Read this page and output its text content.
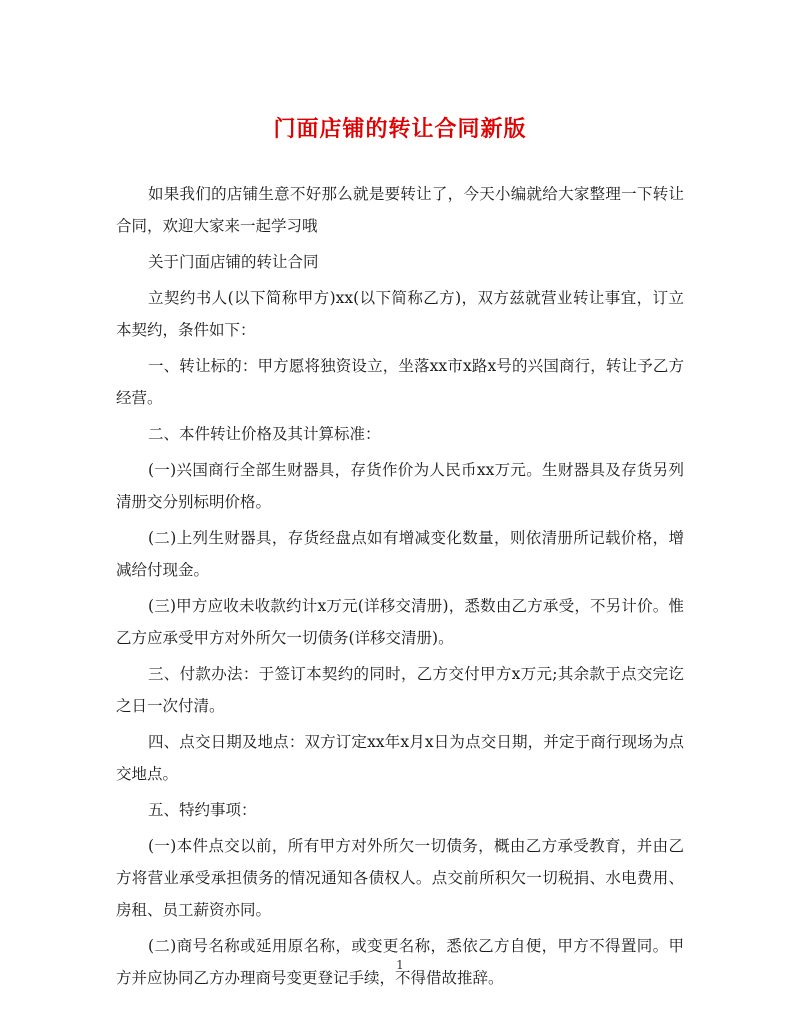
门面店铺的转让合同新版

如果我们的店铺生意不好那么就是要转让了，今天小编就给大家整理一下转让合同，欢迎大家来一起学习哦

关于门面店铺的转让合同

立契约书人(以下简称甲方)xx(以下简称乙方)，双方兹就营业转让事宜，订立本契约，条件如下：

一、转让标的：甲方愿将独资设立，坐落xx市x路x号的兴国商行，转让予乙方经营。

二、本件转让价格及其计算标准：

(一)兴国商行全部生财器具，存货作价为人民币xx万元。生财器具及存货另列清册交分别标明价格。

(二)上列生财器具，存货经盘点如有增减变化数量，则依清册所记载价格，增减给付现金。

(三)甲方应收未收款约计x万元(详移交清册)，悉数由乙方承受，不另计价。惟乙方应承受甲方对外所欠一切债务(详移交清册)。

三、付款办法：于签订本契约的同时，乙方交付甲方x万元;其余款于点交完讫之日一次付清。

四、点交日期及地点：双方订定xx年x月x日为点交日期，并定于商行现场为点交地点。

五、特约事项：

(一)本件点交以前，所有甲方对外所欠一切债务，概由乙方承受教育，并由乙方将营业承受承担债务的情况通知各债权人。点交前所积欠一切税捐、水电费用、房租、员工薪资亦同。

(二)商号名称或延用原名称，或变更名称，悉依乙方自便，甲方不得置同。甲方并应协同乙方办理商号变更登记手续，不得借故推辞。

1
